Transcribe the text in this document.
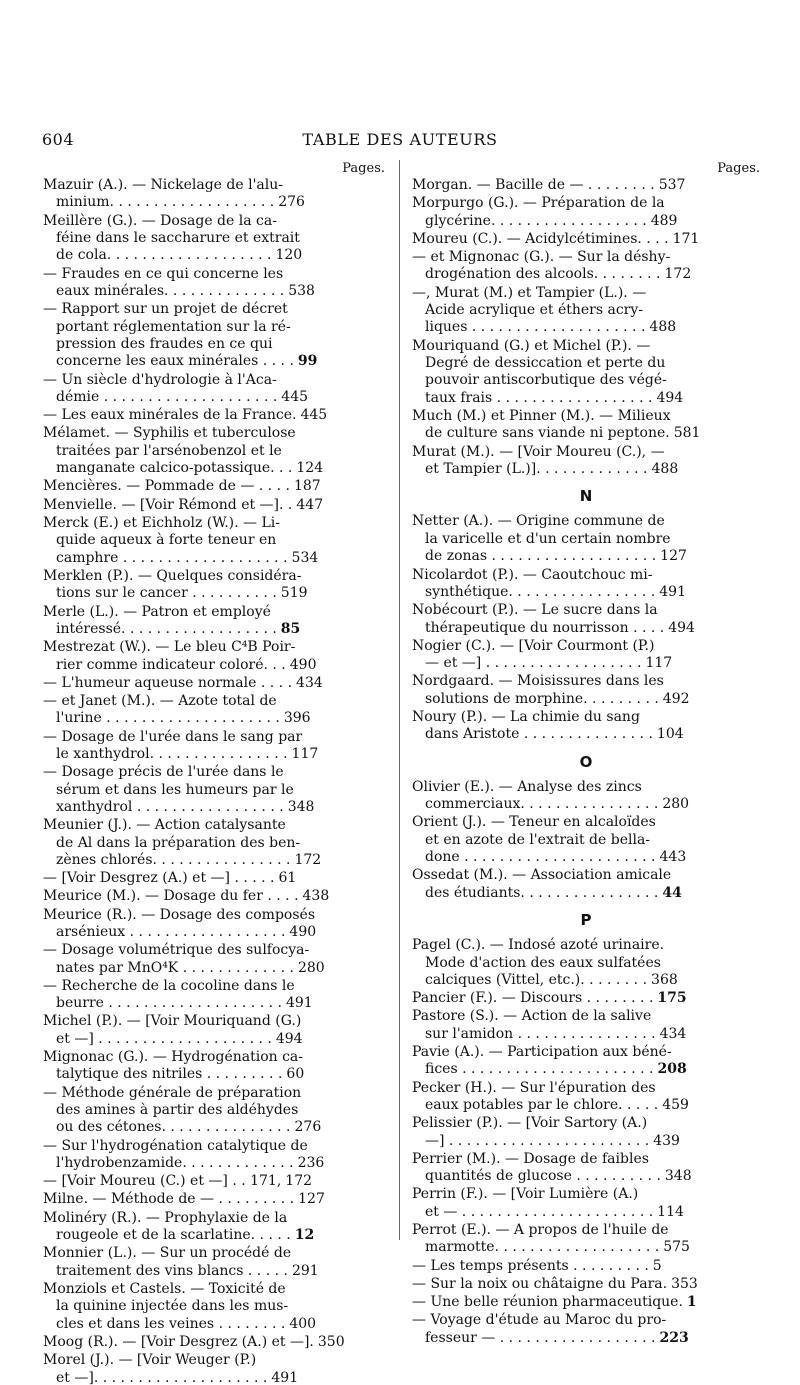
604	TABLE DES AUTEURS
Pages.
Mazuir (A.). — Nickelage de l'alu-
minium. . . . . . . . . . . . . . . . . . . 276
Meillère (G.). — Dosage de la ca-
féine dans le saccharure et extrait
de cola. . . . . . . . . . . . . . . . . . . 120
— Fraudes en ce qui concerne les
eaux minérales. . . . . . . . . . . . . . 538
— Rapport sur un projet de décret
portant réglementation sur la ré-
pression des fraudes en ce qui
concerne les eaux minérales . . . . 99
— Un siècle d'hydrologie à l'Aca-
démie . . . . . . . . . . . . . . . . . . . . 445
— Les eaux minérales de la France. 445
Mélamet. — Syphilis et tuberculose
traitées par l'arsénobenzol et le
manganate calcico-potassique. . . 124
Mencières. — Pommade de — . . . . 187
Menvielle. — [Voir Rémond et —]. . 447
Merck (E.) et Eichholz (W.). — Li-
quide aqueux à forte teneur en
camphre . . . . . . . . . . . . . . . . . . . 534
Merklen (P.). — Quelques considéra-
tions sur le cancer . . . . . . . . . . 519
Merle (L.). — Patron et employé
intéressé. . . . . . . . . . . . . . . . . . 85
Mestrezat (W.). — Le bleu C⁴B Poir-
rier comme indicateur coloré. . . 490
— L'humeur aqueuse normale . . . . 434
— et Janet (M.). — Azote total de
l'urine . . . . . . . . . . . . . . . . . . . . 396
— Dosage de l'urée dans le sang par
le xanthydrol. . . . . . . . . . . . . . . . 117
— Dosage précis de l'urée dans le
sérum et dans les humeurs par le
xanthydrol . . . . . . . . . . . . . . . . . 348
Meunier (J.). — Action catalysante
de Al dans la préparation des ben-
zènes chlorés. . . . . . . . . . . . . . . . 172
— [Voir Desgrez (A.) et —] . . . . . 61
Meurice (M.). — Dosage du fer . . . . 438
Meurice (R.). — Dosage des composés
arsénieux . . . . . . . . . . . . . . . . . . 490
— Dosage volumétrique des sulfocya-
nates par MnO⁴K . . . . . . . . . . . . . 280
— Recherche de la cocoline dans le
beurre . . . . . . . . . . . . . . . . . . . . 491
Michel (P.). — [Voir Mouriquand (G.)
et —] . . . . . . . . . . . . . . . . . . . . 494
Mignonac (G.). — Hydrogénation ca-
talytique des nitriles . . . . . . . . . 60
— Méthode générale de préparation
des amines à partir des aldéhydes
ou des cétones. . . . . . . . . . . . . . . 276
— Sur l'hydrogénation catalytique de
l'hydrobenzamide. . . . . . . . . . . . . 236
— [Voir Moureu (C.) et —] . . 171, 172
Milne. — Méthode de — . . . . . . . . . 127
Molinéry (R.). — Prophylaxie de la
rougeole et de la scarlatine. . . . . 12
Monnier (L.). — Sur un procédé de
traitement des vins blancs . . . . . 291
Monziols et Castels. — Toxicité de
la quinine injectée dans les mus-
cles et dans les veines . . . . . . . . 400
Moog (R.). — [Voir Desgrez (A.) et —]. 350
Morel (J.). — [Voir Weuger (P.)
et —]. . . . . . . . . . . . . . . . . . . . 491
Pages.
Morgan. — Bacille de — . . . . . . . . 537
Morpurgo (G.). — Préparation de la
glycérine. . . . . . . . . . . . . . . . . . 489
Moureu (C.). — Acidylcétimines. . . . 171
— et Mignonac (G.). — Sur la déshy-
drogénation des alcools. . . . . . . . 172
—, Murat (M.) et Tampier (L.). —
Acide acrylique et éthers acry-
liques . . . . . . . . . . . . . . . . . . . . 488
Mouriquand (G.) et Michel (P.). —
Degré de dessiccation et perte du
pouvoir antiscorbutique des végé-
taux frais . . . . . . . . . . . . . . . . . . 494
Much (M.) et Pinner (M.). — Milieux
de culture sans viande ni peptone. 581
Murat (M.). — [Voir Moureu (C.), —
et Tampier (L.)]. . . . . . . . . . . . . 488
N
Netter (A.). — Origine commune de
la varicelle et d'un certain nombre
de zonas . . . . . . . . . . . . . . . . . . . 127
Nicolardot (P.). — Caoutchouc mi-
synthétique. . . . . . . . . . . . . . . . . 491
Nobécourt (P.). — Le sucre dans la
thérapeutique du nourrisson . . . . 494
Nogier (C.). — [Voir Courmont (P.)
— et —] . . . . . . . . . . . . . . . . . . 117
Nordgaard. — Moisissures dans les
solutions de morphine. . . . . . . . . 492
Noury (P.). — La chimie du sang
dans Aristote . . . . . . . . . . . . . . . 104
O
Olivier (E.). — Analyse des zincs
commerciaux. . . . . . . . . . . . . . . . 280
Orient (J.). — Teneur en alcaloïdes
et en azote de l'extrait de bella-
done . . . . . . . . . . . . . . . . . . . . . . 443
Ossedat (M.). — Association amicale
des étudiants. . . . . . . . . . . . . . . . 44
P
Pagel (C.). — Indosé azoté urinaire.
Mode d'action des eaux sulfatées
calciques (Vittel, etc.). . . . . . . . 368
Pancier (F.). — Discours . . . . . . . . 175
Pastore (S.). — Action de la salive
sur l'amidon . . . . . . . . . . . . . . . . 434
Pavie (A.). — Participation aux béné-
fices . . . . . . . . . . . . . . . . . . . . . . 208
Pecker (H.). — Sur l'épuration des
eaux potables par le chlore. . . . . 459
Pelissier (P.). — [Voir Sartory (A.)
—] . . . . . . . . . . . . . . . . . . . . . . . 439
Perrier (M.). — Dosage de faibles
quantités de glucose . . . . . . . . . . 348
Perrin (F.). — [Voir Lumière (A.)
et — . . . . . . . . . . . . . . . . . . . . . . 114
Perrot (E.). — A propos de l'huile de
marmotte. . . . . . . . . . . . . . . . . . . 575
— Les temps présents . . . . . . . . . 5
— Sur la noix ou châtaigne du Para. 353
— Une belle réunion pharmaceutique. 1
— Voyage d'étude au Maroc du pro-
fesseur — . . . . . . . . . . . . . . . . . . 223
